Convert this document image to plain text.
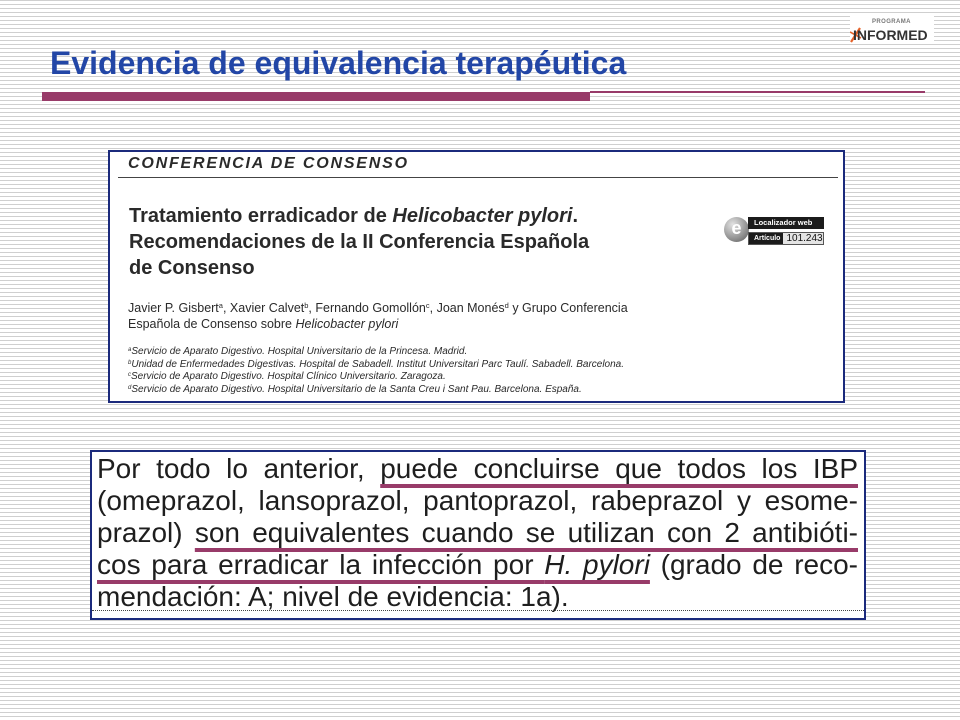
Evidencia de equivalencia terapéutica
PROGRAMA
INFORMED
CONFERENCIA DE CONSENSO
Tratamiento erradicador de Helicobacter pylori.
Recomendaciones de la II Conferencia Española
de Consenso
e	Localizador web
Artículo 101.243
Javier P. Gisbert$^a$, Xavier Calvet$^b$, Fernando Gomollón$^c$, Joan Monés$^d$ y Grupo Conferencia
Española de Consenso sobre Helicobacter pylori
$^a$Servicio de Aparato Digestivo. Hospital Universitario de la Princesa. Madrid.
$^b$Unidad de Enfermedades Digestivas. Hospital de Sabadell. Institut Universitari Parc Taulí. Sabadell. Barcelona.
$^c$Servicio de Aparato Digestivo. Hospital Clínico Universitario. Zaragoza.
$^d$Servicio de Aparato Digestivo. Hospital Universitario de la Santa Creu i Sant Pau. Barcelona. España.
Por todo lo anterior, puede concluirse que todos los IBP
(omeprazol, lansoprazol, pantoprazol, rabeprazol y esome-
prazol) son equivalentes cuando se utilizan con 2 antibióti-
cos para erradicar la infección por H. pylori (grado de reco-
mendación: A; nivel de evidencia: 1a).
